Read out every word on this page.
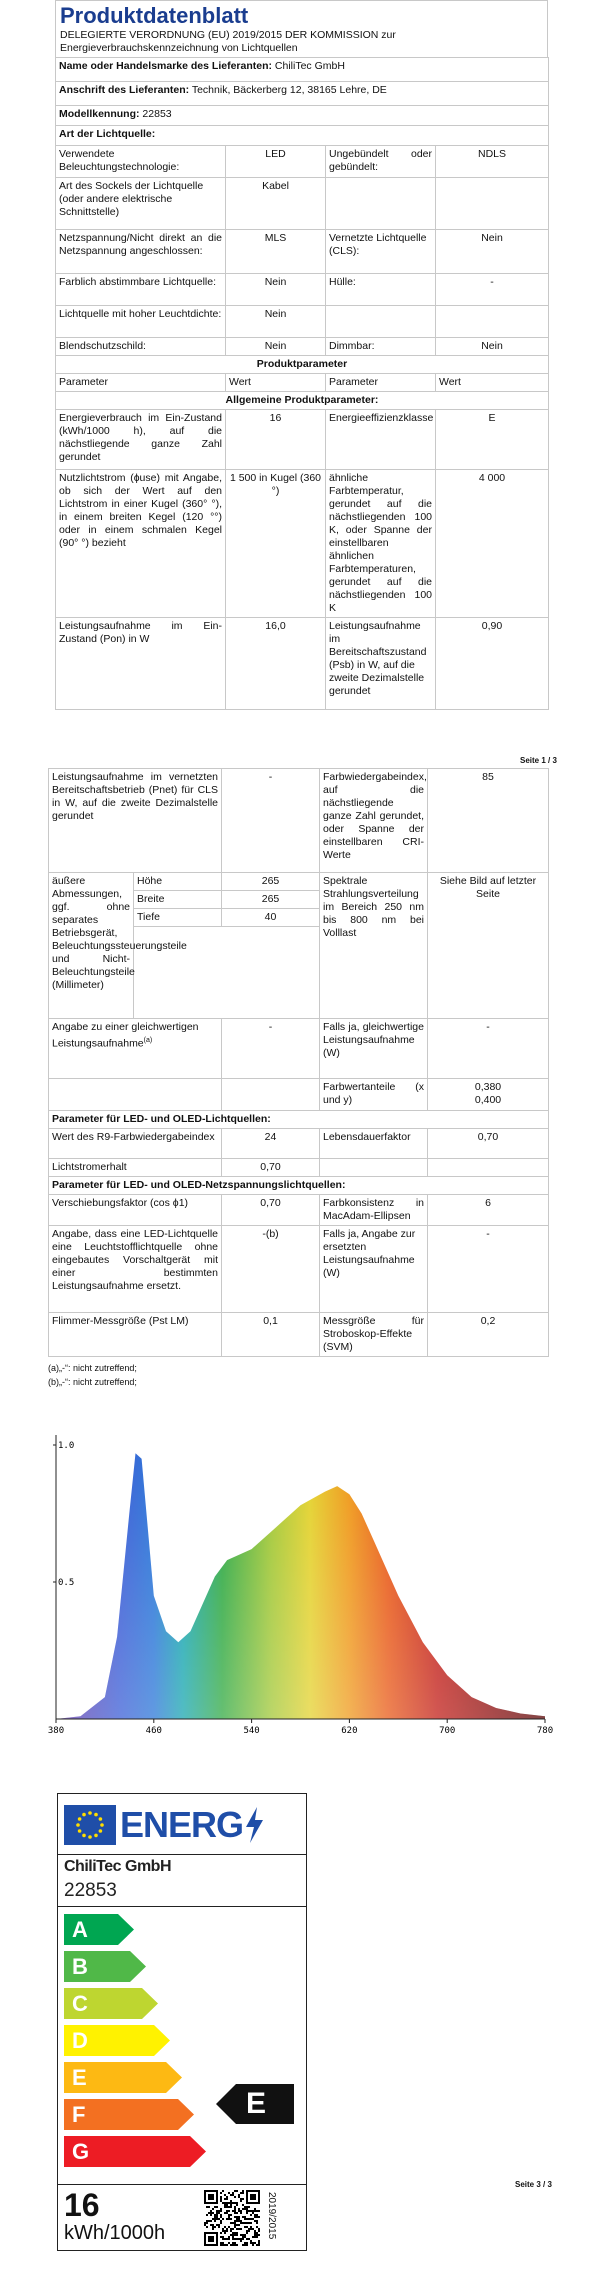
Produktdatenblatt
DELEGIERTE VERORDNUNG (EU) 2019/2015 DER KOMMISSION zur Energieverbrauchskennzeichnung von Lichtquellen
Name oder Handelsmarke des Lieferanten: ChiliTec GmbH			
Anschrift des Lieferanten: Technik, Bäckerberg 12, 38165 Lehre, DE			
Modellkennung: 22853			
Art der Lichtquelle:			
Verwendete Beleuchtungstechnologie:	LED	Ungebündelt oder gebündelt:	NDLS
Art des Sockels der Lichtquelle (oder andere elektrische Schnittstelle)	Kabel		
Netzspannung/Nicht direkt an die Netzspannung angeschlossen:	MLS	Vernetzte Lichtquelle (CLS):	Nein
Farblich abstimmbare Lichtquelle:	Nein	Hülle:	-
Lichtquelle mit hoher Leuchtdichte:	Nein		
Blendschutzschild:	Nein	Dimmbar:	Nein
Produktparameter			
Parameter	Wert	Parameter	Wert
Allgemeine Produktparameter:			
Energieverbrauch im Ein-Zustand (kWh/1000 h), auf die nächstliegende ganze Zahl gerundet	16	Energieeffizienzklasse	E
Nutzlichtstrom (ɸuse) mit Angabe, ob sich der Wert auf den Lichtstrom in einer Kugel (360° °), in einem breiten Kegel (120 °°) oder in einem schmalen Kegel (90° °) bezieht	1 500 in Kugel (360 °)	ähnliche Farbtemperatur, gerundet auf die nächstliegenden 100 K, oder Spanne der einstellbaren ähnlichen Farbtemperaturen, gerundet auf die nächstliegenden 100 K	4 000
Leistungsaufnahme im Ein-Zustand (Pon) in W	16,0	Leistungsaufnahme im Bereitschaftszustand (Psb) in W, auf die zweite Dezimalstelle gerundet	0,90
Seite 1 / 3
Leistungsaufnahme im vernetzten Bereitschaftsbetrieb (Pnet) für CLS in W, auf die zweite Dezimalstelle gerundet		-	Farbwiedergabeindex, auf die nächstliegende ganze Zahl gerundet, oder Spanne der einstellbaren CRI-Werte	85
äußere Abmessungen, ggf. ohne separates Betriebsgerät, Beleuchtungssteuerungsteile und Nicht-Beleuchtungsteile (Millimeter)	Höhe	265	Spektrale Strahlungsverteilung im Bereich 250 nm bis 800 nm bei Volllast	Siehe Bild auf letzter Seite
	Breite	265		
	Tiefe	40		

Angabe zu einer gleichwertigen Leistungsaufnahme$^{(a)}$		-	Falls ja, gleichwertige Leistungsaufnahme (W)	-
			Farbwertanteile (x und y)	0,380
0,400

Parameter für LED- und OLED-Lichtquellen:				
Wert des R9-Farbwiedergabeindex		24	Lebensdauerfaktor	0,70
Lichtstromerhalt		0,70		
Parameter für LED- und OLED-Netzspannungslichtquellen:				
Verschiebungsfaktor (cos ϕ1)		0,70	Farbkonsistenz in MacAdam-Ellipsen	6
Angabe, dass eine LED-Lichtquelle eine Leuchtstofflichtquelle ohne eingebautes Vorschaltgerät mit einer bestimmten Leistungsaufnahme ersetzt.		-(b)	Falls ja, Angabe zur ersetzten Leistungsaufnahme (W)	-
Flimmer-Messgröße (Pst LM)		0,1	Messgröße für Stroboskop-Effekte (SVM)	0,2
(a)„-“: nicht zutreffend;
(b)„-“: nicht zutreffend;
380	460	540	620	700	780
1.0
0.5
ENERG
ChiliTec GmbH
22853
A
B
C
D
E
F
G
E
16
kWh/1000h	2019/2015
Seite 3 / 3
